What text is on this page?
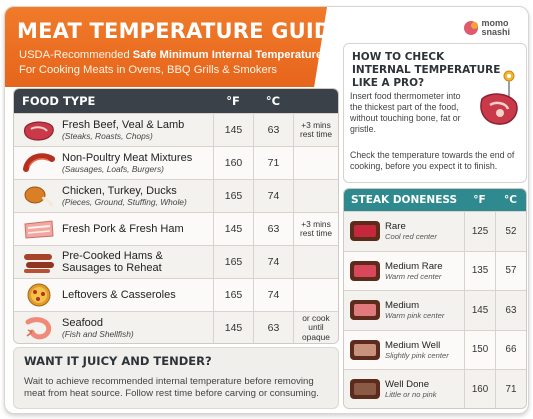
MEAT TEMPERATURE GUIDE
USDA-Recommended Safe Minimum Internal Temperatures
For Cooking Meats in Ovens, BBQ Grills & Smokers
momo
snashi
FOOD TYPE	°F	°C
Fresh Beef, Veal & Lamb
(Steaks, Roasts, Chops)	145	63	+3 mins
rest time
Non-Poultry Meat Mixtures
(Sausages, Loafs, Burgers)	160	71
Chicken, Turkey, Ducks
(Pieces, Ground, Stuffing, Whole)	165	74
Fresh Pork & Fresh Ham	145	63	+3 mins
rest time
Pre-Cooked Hams &
Sausages to Reheat	165	74
Leftovers & Casseroles	165	74
Seafood
(Fish and Shellfish)	145	63
or cook
until
opaque
WANT IT JUICY AND TENDER?
Wait to achieve recommended internal temperature before removing meat from heat source. Follow rest time before carving or consuming.
HOW TO CHECK INTERNAL TEMPERATURE LIKE A PRO?
Insert food thermometer into the thickest part of the food, without touching bone, fat or gristle.
Check the temperature towards the end of cooking, before you expect it to finish.
STEAK DONENESS	°F	°C
Rare
Cool red center	125	52
Medium Rare
Warm red center	135	57
Medium
Warm pink center	145	63
Medium Well
Slightly pink center	150	66
Well Done
Little or no pink	160	71
